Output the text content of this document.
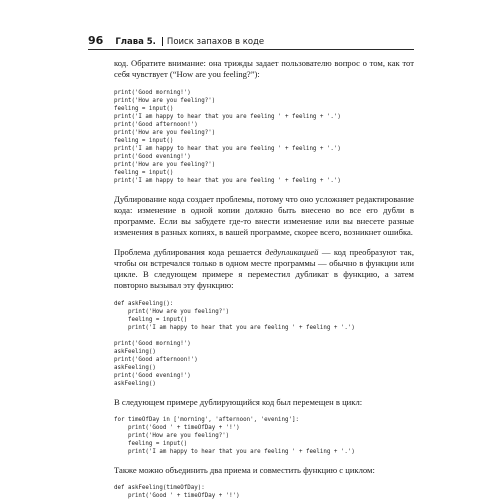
96 Глава 5. Поиск запахов в коде

код. Обратите внимание: она трижды задает пользователю вопрос о том, как тот себя чувствует (“How are you feeling?”):

print('Good morning!')
print('How are you feeling?')
feeling = input()
print('I am happy to hear that you are feeling ' + feeling + '.')
print('Good afternoon!')
print('How are you feeling?')
feeling = input()
print('I am happy to hear that you are feeling ' + feeling + '.')
print('Good evening!')
print('How are you feeling?')
feeling = input()
print('I am happy to hear that you are feeling ' + feeling + '.')

Дублирование кода создает проблемы, потому что оно усложняет редактирование кода: изменение в одной копии должно быть внесено во все его дубли в программе. Если вы забудете где-то внести изменение или вы внесете разные изменения в разных копиях, в вашей программе, скорее всего, возникнет ошибка.

Проблема дублирования кода решается дедупликацией — код преобразуют так, чтобы он встречался только в одном месте программы — обычно в функции или цикле. В следующем примере я переместил дубликат в функцию, а затем повторно вызывал эту функцию:

def askFeeling():
print('How are you feeling?')
feeling = input()
print('I am happy to hear that you are feeling ' + feeling + '.')
print('Good morning!')
askFeeling()
print('Good afternoon!')
askFeeling()
print('Good evening!')
askFeeling()

В следующем примере дублирующийся код был перемещен в цикл:

for timeOfDay in ['morning', 'afternoon', 'evening']:
print('Good ' + timeOfDay + '!')
print('How are you feeling?')
feeling = input()
print('I am happy to hear that you are feeling ' + feeling + '.')

Также можно объединить два приема и совместить функцию с циклом:

def askFeeling(timeOfDay):
print('Good ' + timeOfDay + '!')
